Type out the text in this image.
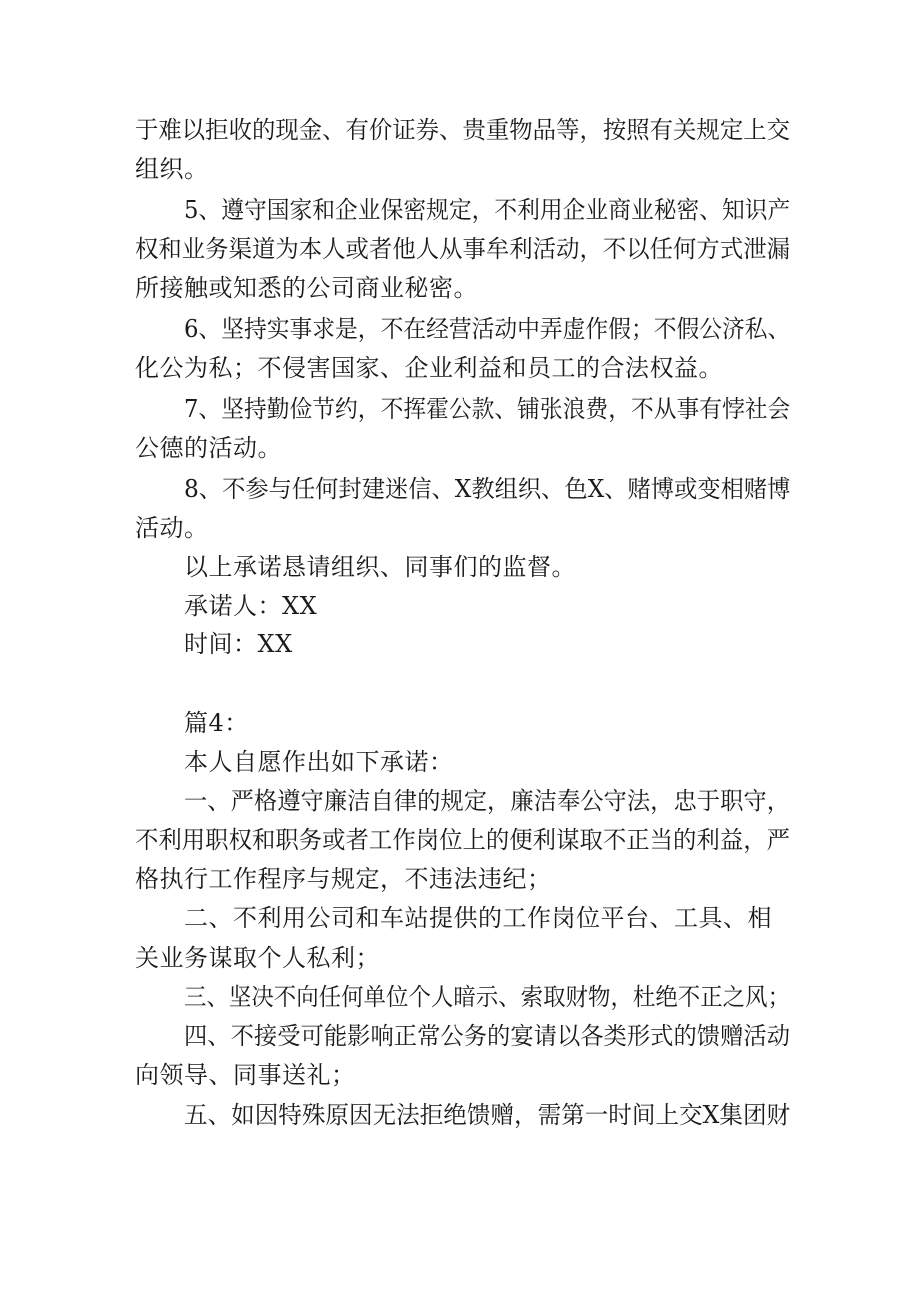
于难以拒收的现金、有价证券、贵重物品等，按照有关规定上交
组织。
5、遵守国家和企业保密规定，不利用企业商业秘密、知识产
权和业务渠道为本人或者他人从事牟利活动，不以任何方式泄漏
所接触或知悉的公司商业秘密。
6、坚持实事求是，不在经营活动中弄虚作假；不假公济私、
化公为私；不侵害国家、企业利益和员工的合法权益。
7、坚持勤俭节约，不挥霍公款、铺张浪费，不从事有悖社会
公德的活动。
8、不参与任何封建迷信、X教组织、色X、赌博或变相赌博
活动。
以上承诺恳请组织、同事们的监督。
承诺人：XX
时间：XX
篇4：
本人自愿作出如下承诺：
一、严格遵守廉洁自律的规定，廉洁奉公守法，忠于职守，
不利用职权和职务或者工作岗位上的便利谋取不正当的利益，严
格执行工作程序与规定，不违法违纪；
二、不利用公司和车站提供的工作岗位平台、工具、相
关业务谋取个人私利；
三、坚决不向任何单位个人暗示、索取财物，杜绝不正之风；
四、不接受可能影响正常公务的宴请以各类形式的馈赠活动
向领导、同事送礼；
五、如因特殊原因无法拒绝馈赠，需第一时间上交X集团财
